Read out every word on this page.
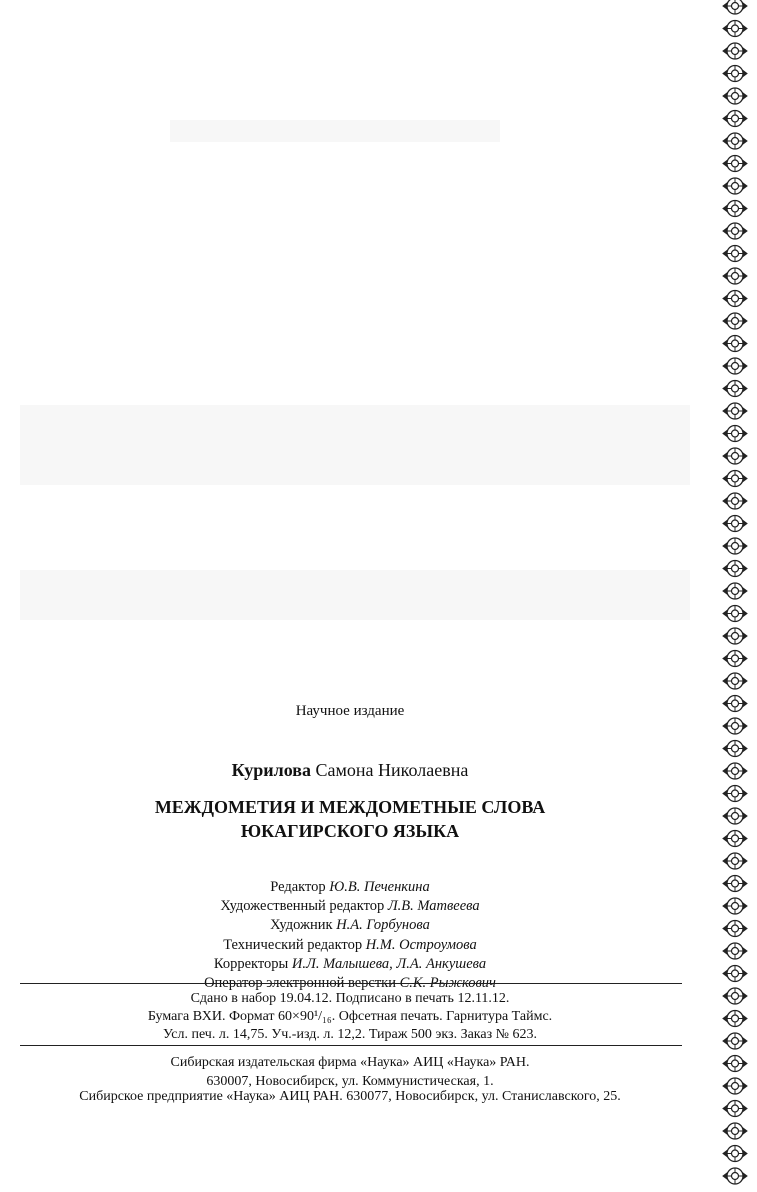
Научное издание
Курилова Самона Николаевна
МЕЖДОМЕТИЯ И МЕЖДОМЕТНЫЕ СЛОВА
ЮКАГИРСКОГО ЯЗЫКА
Редактор Ю.В. Печенкина
Художественный редактор Л.В. Матвеева
Художник Н.А. Горбунова
Технический редактор Н.М. Остроумова
Корректоры И.Л. Малышева, Л.А. Анкушева
Оператор электронной верстки С.К. Рыжкович
Сдано в набор 19.04.12. Подписано в печать 12.11.12.
Бумага ВХИ. Формат 60×90¹/₁₆. Офсетная печать. Гарнитура Таймс.
Усл. печ. л. 14,75. Уч.-изд. л. 12,2. Тираж 500 экз. Заказ № 623.
Сибирская издательская фирма «Наука» АИЦ «Наука» РАН.
630007, Новосибирск, ул. Коммунистическая, 1.
Сибирское предприятие «Наука» АИЦ РАН. 630077, Новосибирск, ул. Станиславского, 25.
